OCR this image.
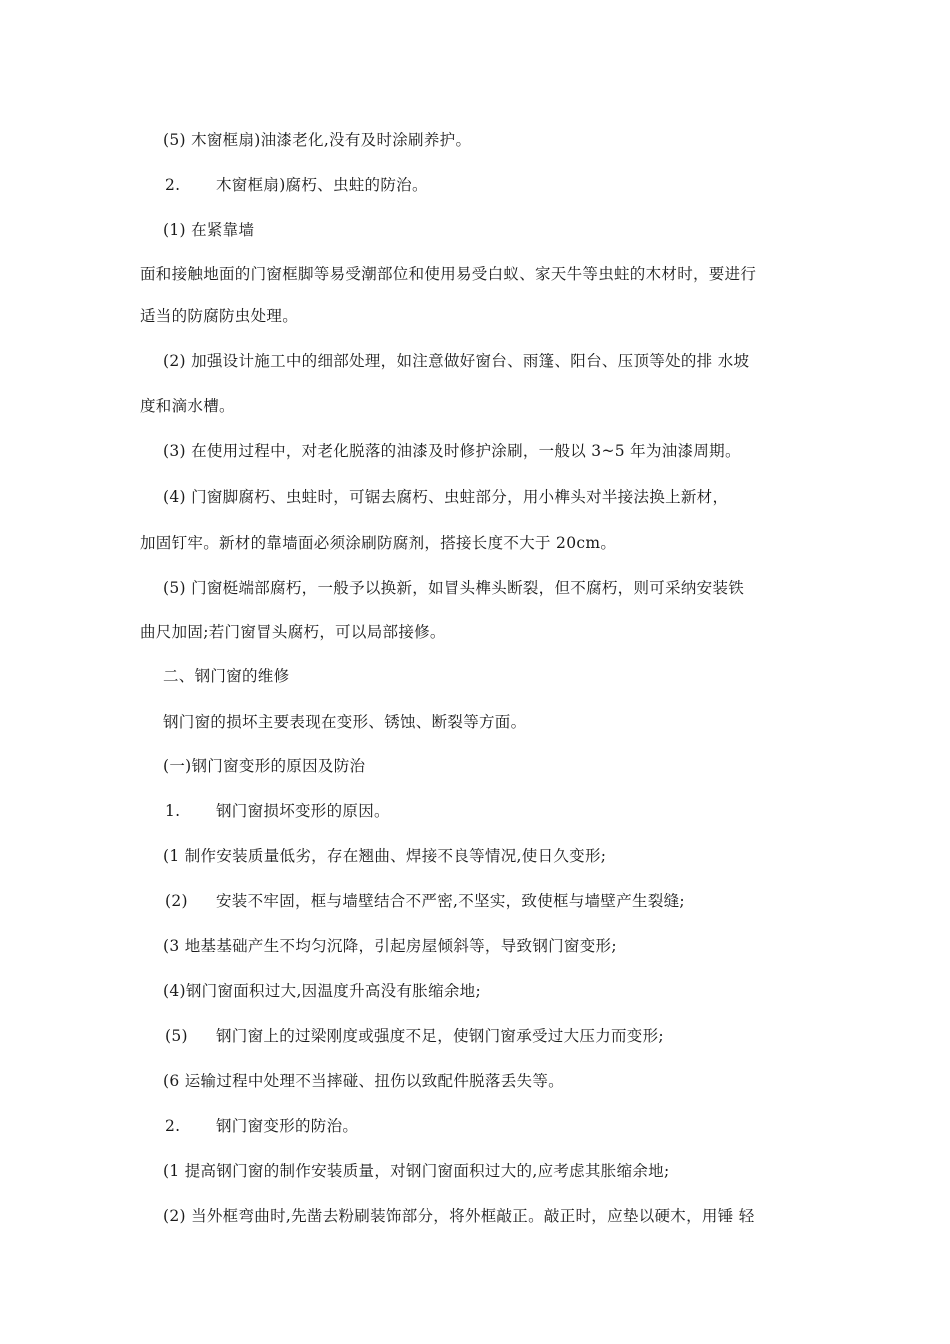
(5) 木窗框扇)油漆老化,没有及时涂刷养护。
2. 木窗框扇)腐朽、虫蛀的防治。
(1) 在紧靠墙
面和接触地面的门窗框脚等易受潮部位和使用易受白蚁、家天牛等虫蛀的木材时，要进行
适当的防腐防虫处理。
(2) 加强设计施工中的细部处理，如注意做好窗台、雨篷、阳台、压顶等处的排 水坡
度和滴水槽。
(3) 在使用过程中，对老化脱落的油漆及时修护涂刷，一般以 3~5 年为油漆周期。
(4) 门窗脚腐朽、虫蛀时，可锯去腐朽、虫蛀部分，用小榫头对半接法换上新材，
加固钉牢。新材的靠墙面必须涂刷防腐剂，搭接长度不大于 20cm。
(5) 门窗梃端部腐朽，一般予以换新，如冒头榫头断裂，但不腐朽，则可采纳安装铁
曲尺加固;若门窗冒头腐朽，可以局部接修。
二、钢门窗的维修
钢门窗的损坏主要表现在变形、锈蚀、断裂等方面。
(一)钢门窗变形的原因及防治
1. 钢门窗损坏变形的原因。
(1 制作安装质量低劣，存在翘曲、焊接不良等情况,使日久变形;
(2) 安装不牢固，框与墙壁结合不严密,不坚实，致使框与墙壁产生裂缝;
(3 地基基础产生不均匀沉降，引起房屋倾斜等，导致钢门窗变形;
(4)钢门窗面积过大,因温度升高没有胀缩余地;
(5) 钢门窗上的过梁刚度或强度不足，使钢门窗承受过大压力而变形;
(6 运输过程中处理不当摔碰、扭伤以致配件脱落丢失等。
2. 钢门窗变形的防治。
(1 提高钢门窗的制作安装质量，对钢门窗面积过大的,应考虑其胀缩余地;
(2) 当外框弯曲时,先凿去粉刷装饰部分，将外框敲正。敲正时，应垫以硬木，用锤 轻
